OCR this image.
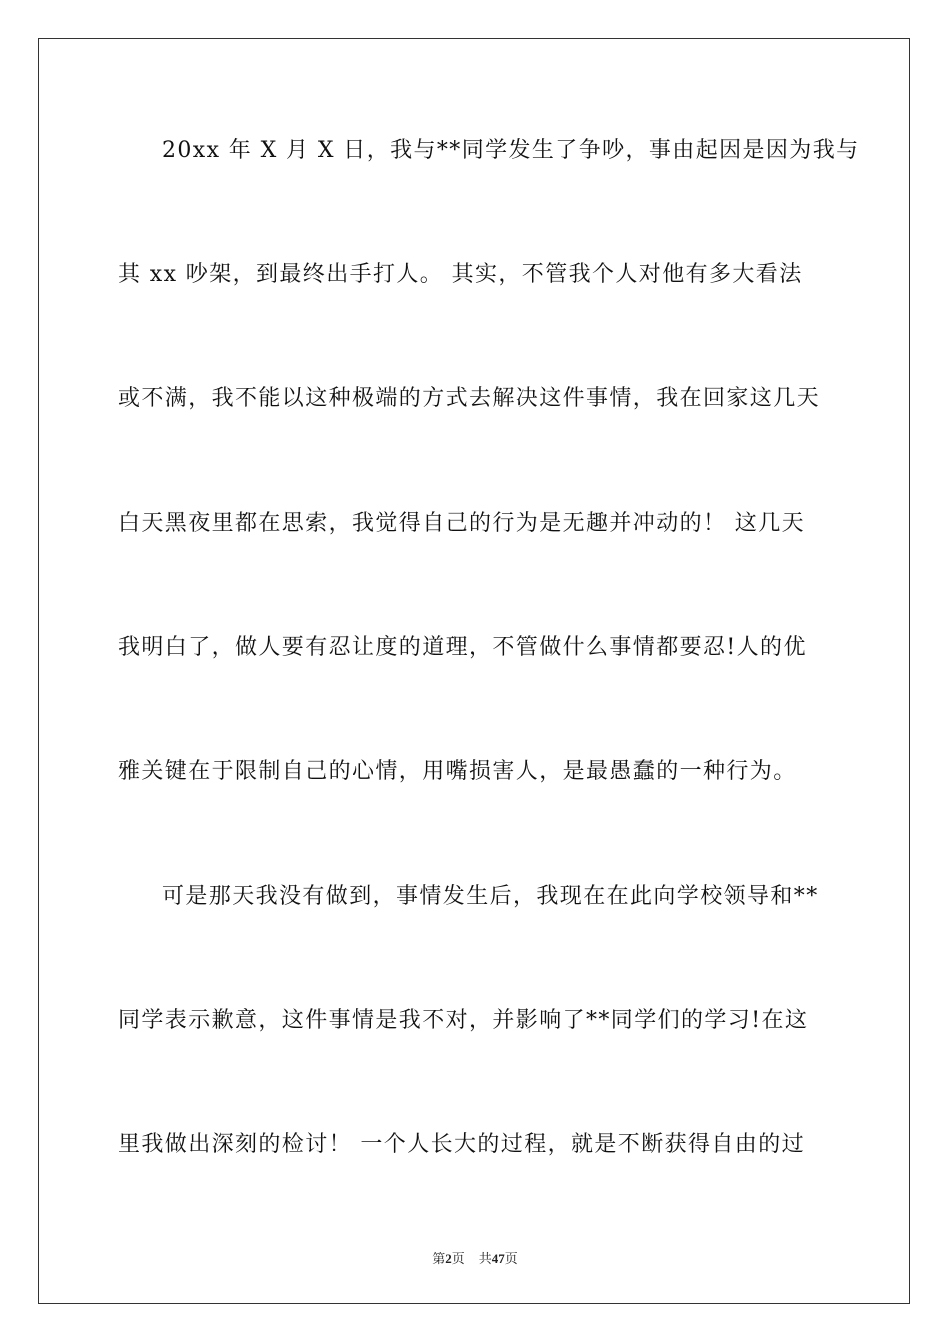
20xx 年 X 月 X 日，我与**同学发生了争吵，事由起因是因为我与
其 xx 吵架，到最终出手打人。 其实，不管我个人对他有多大看法
或不满，我不能以这种极端的方式去解决这件事情，我在回家这几天
白天黑夜里都在思索，我觉得自己的行为是无趣并冲动的！ 这几天
我明白了，做人要有忍让度的道理，不管做什么事情都要忍!人的优
雅关键在于限制自己的心情，用嘴损害人，是最愚蠢的一种行为。
可是那天我没有做到，事情发生后，我现在在此向学校领导和**
同学表示歉意，这件事情是我不对，并影响了**同学们的学习!在这
里我做出深刻的检讨！ 一个人长大的过程，就是不断获得自由的过
第2页 共47页
